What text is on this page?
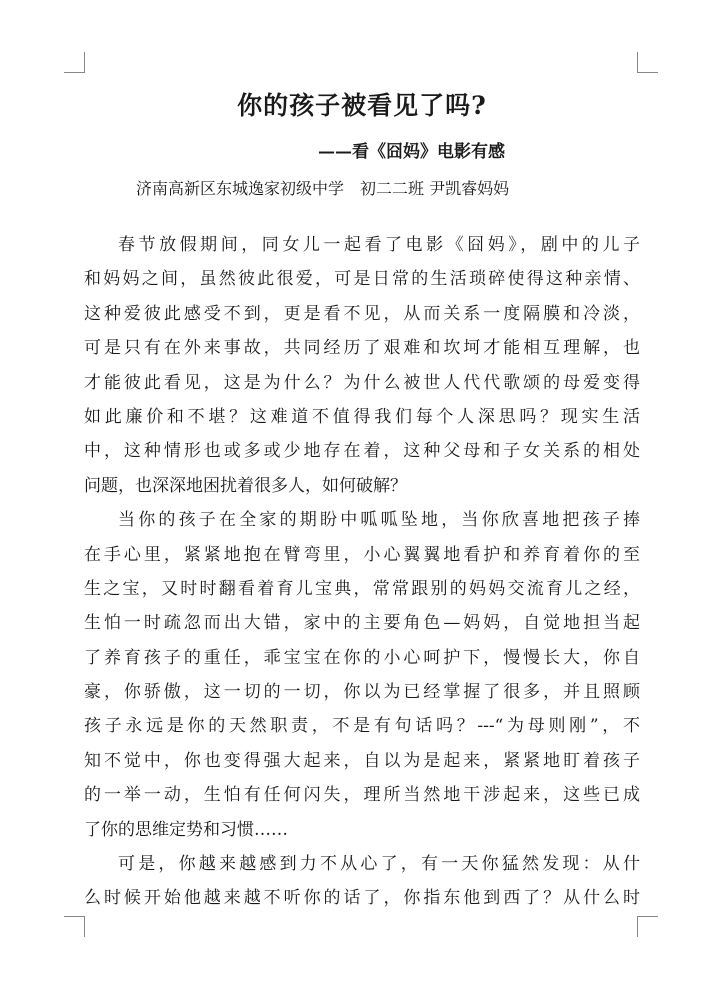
你的孩子被看见了吗?
——看《囧妈》电影有感
济南高新区东城逸家初级中学　初二二班 尹凯睿妈妈
春节放假期间，同女儿一起看了电影《囧妈》，剧中的儿子
和妈妈之间，虽然彼此很爱，可是日常的生活琐碎使得这种亲情、
这种爱彼此感受不到，更是看不见，从而关系一度隔膜和冷淡，
可是只有在外来事故，共同经历了艰难和坎坷才能相互理解，也
才能彼此看见，这是为什么？为什么被世人代代歌颂的母爱变得
如此廉价和不堪？这难道不值得我们每个人深思吗？现实生活
中，这种情形也或多或少地存在着，这种父母和子女关系的相处
问题，也深深地困扰着很多人，如何破解？
当你的孩子在全家的期盼中呱呱坠地，当你欣喜地把孩子捧
在手心里，紧紧地抱在臂弯里，小心翼翼地看护和养育着你的至
生之宝，又时时翻看着育儿宝典，常常跟别的妈妈交流育儿之经，
生怕一时疏忽而出大错，家中的主要角色—妈妈，自觉地担当起
了养育孩子的重任，乖宝宝在你的小心呵护下，慢慢长大，你自
豪，你骄傲，这一切的一切，你以为已经掌握了很多，并且照顾
孩子永远是你的天然职责，不是有句话吗？---“为母则刚”，不
知不觉中，你也变得强大起来，自以为是起来，紧紧地盯着孩子
的一举一动，生怕有任何闪失，理所当然地干涉起来，这些已成
了你的思维定势和习惯……
可是，你越来越感到力不从心了，有一天你猛然发现：从什
么时候开始他越来越不听你的话了，你指东他到西了？从什么时
